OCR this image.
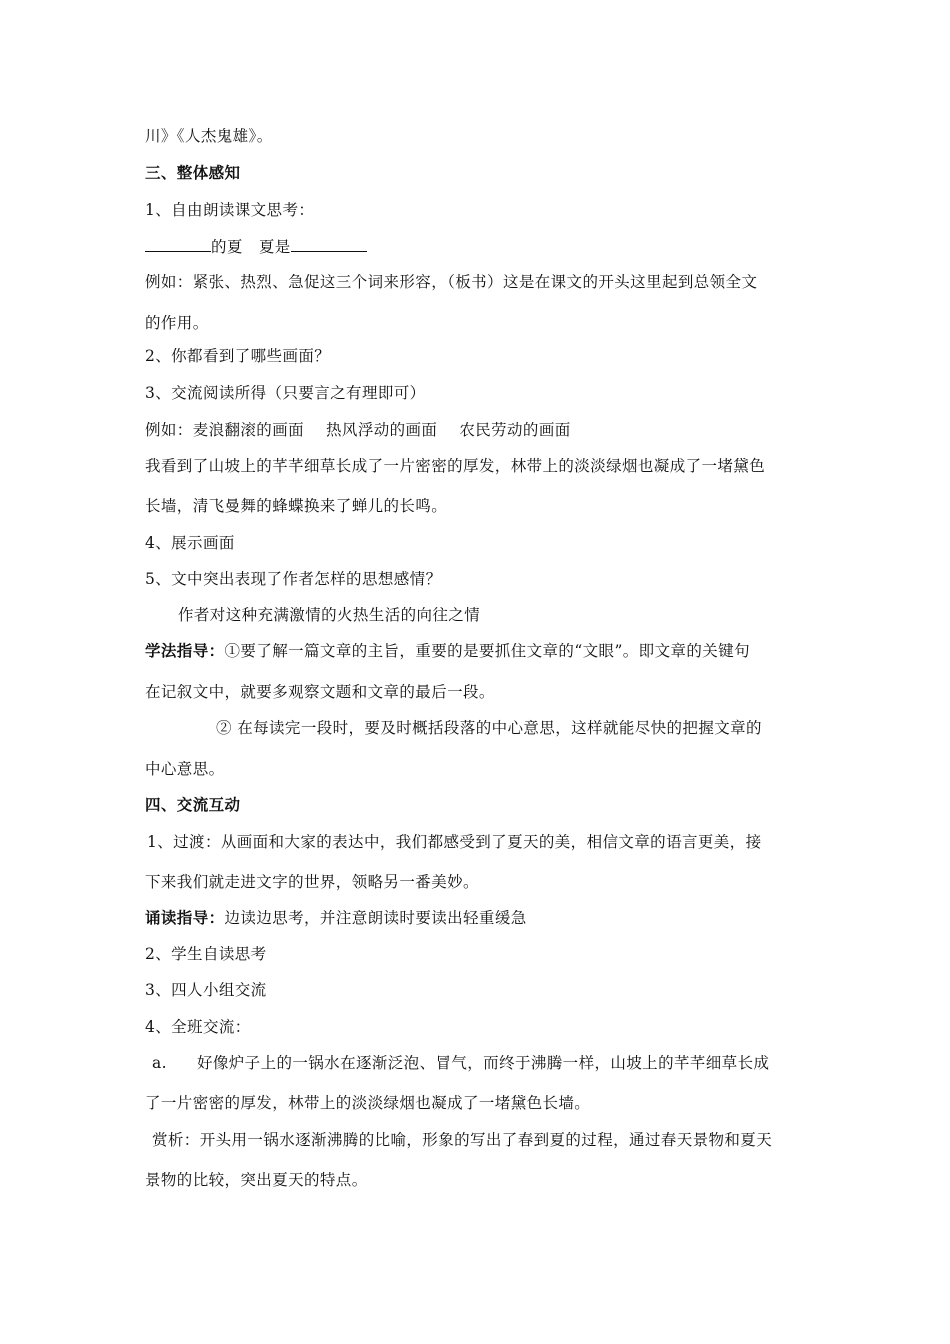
川》《人杰鬼雄》。
三、整体感知
1、自由朗读课文思考：
的夏 夏是
例如：紧张、热烈、急促这三个词来形容，（板书）这是在课文的开头这里起到总领全文
的作用。
2、你都看到了哪些画面？
3、交流阅读所得（只要言之有理即可）
例如：麦浪翻滚的画面 热风浮动的画面 农民劳动的画面
我看到了山坡上的芊芊细草长成了一片密密的厚发，林带上的淡淡绿烟也凝成了一堵黛色
长墙，清飞曼舞的蜂蝶换来了蝉儿的长鸣。
4、展示画面
5、文中突出表现了作者怎样的思想感情？
作者对这种充满激情的火热生活的向往之情
学法指导：①要了解一篇文章的主旨，重要的是要抓住文章的“文眼”。即文章的关键句
在记叙文中，就要多观察文题和文章的最后一段。
② 在每读完一段时，要及时概括段落的中心意思，这样就能尽快的把握文章的
中心意思。
四、交流互动
1、过渡：从画面和大家的表达中，我们都感受到了夏天的美，相信文章的语言更美，接
下来我们就走进文字的世界，领略另一番美妙。
诵读指导：边读边思考，并注意朗读时要读出轻重缓急
2、学生自读思考
3、四人小组交流
4、全班交流：
a. 好像炉子上的一锅水在逐渐泛泡、冒气，而终于沸腾一样，山坡上的芊芊细草长成
了一片密密的厚发，林带上的淡淡绿烟也凝成了一堵黛色长墙。
赏析：开头用一锅水逐渐沸腾的比喻，形象的写出了春到夏的过程，通过春天景物和夏天
景物的比较，突出夏天的特点。
